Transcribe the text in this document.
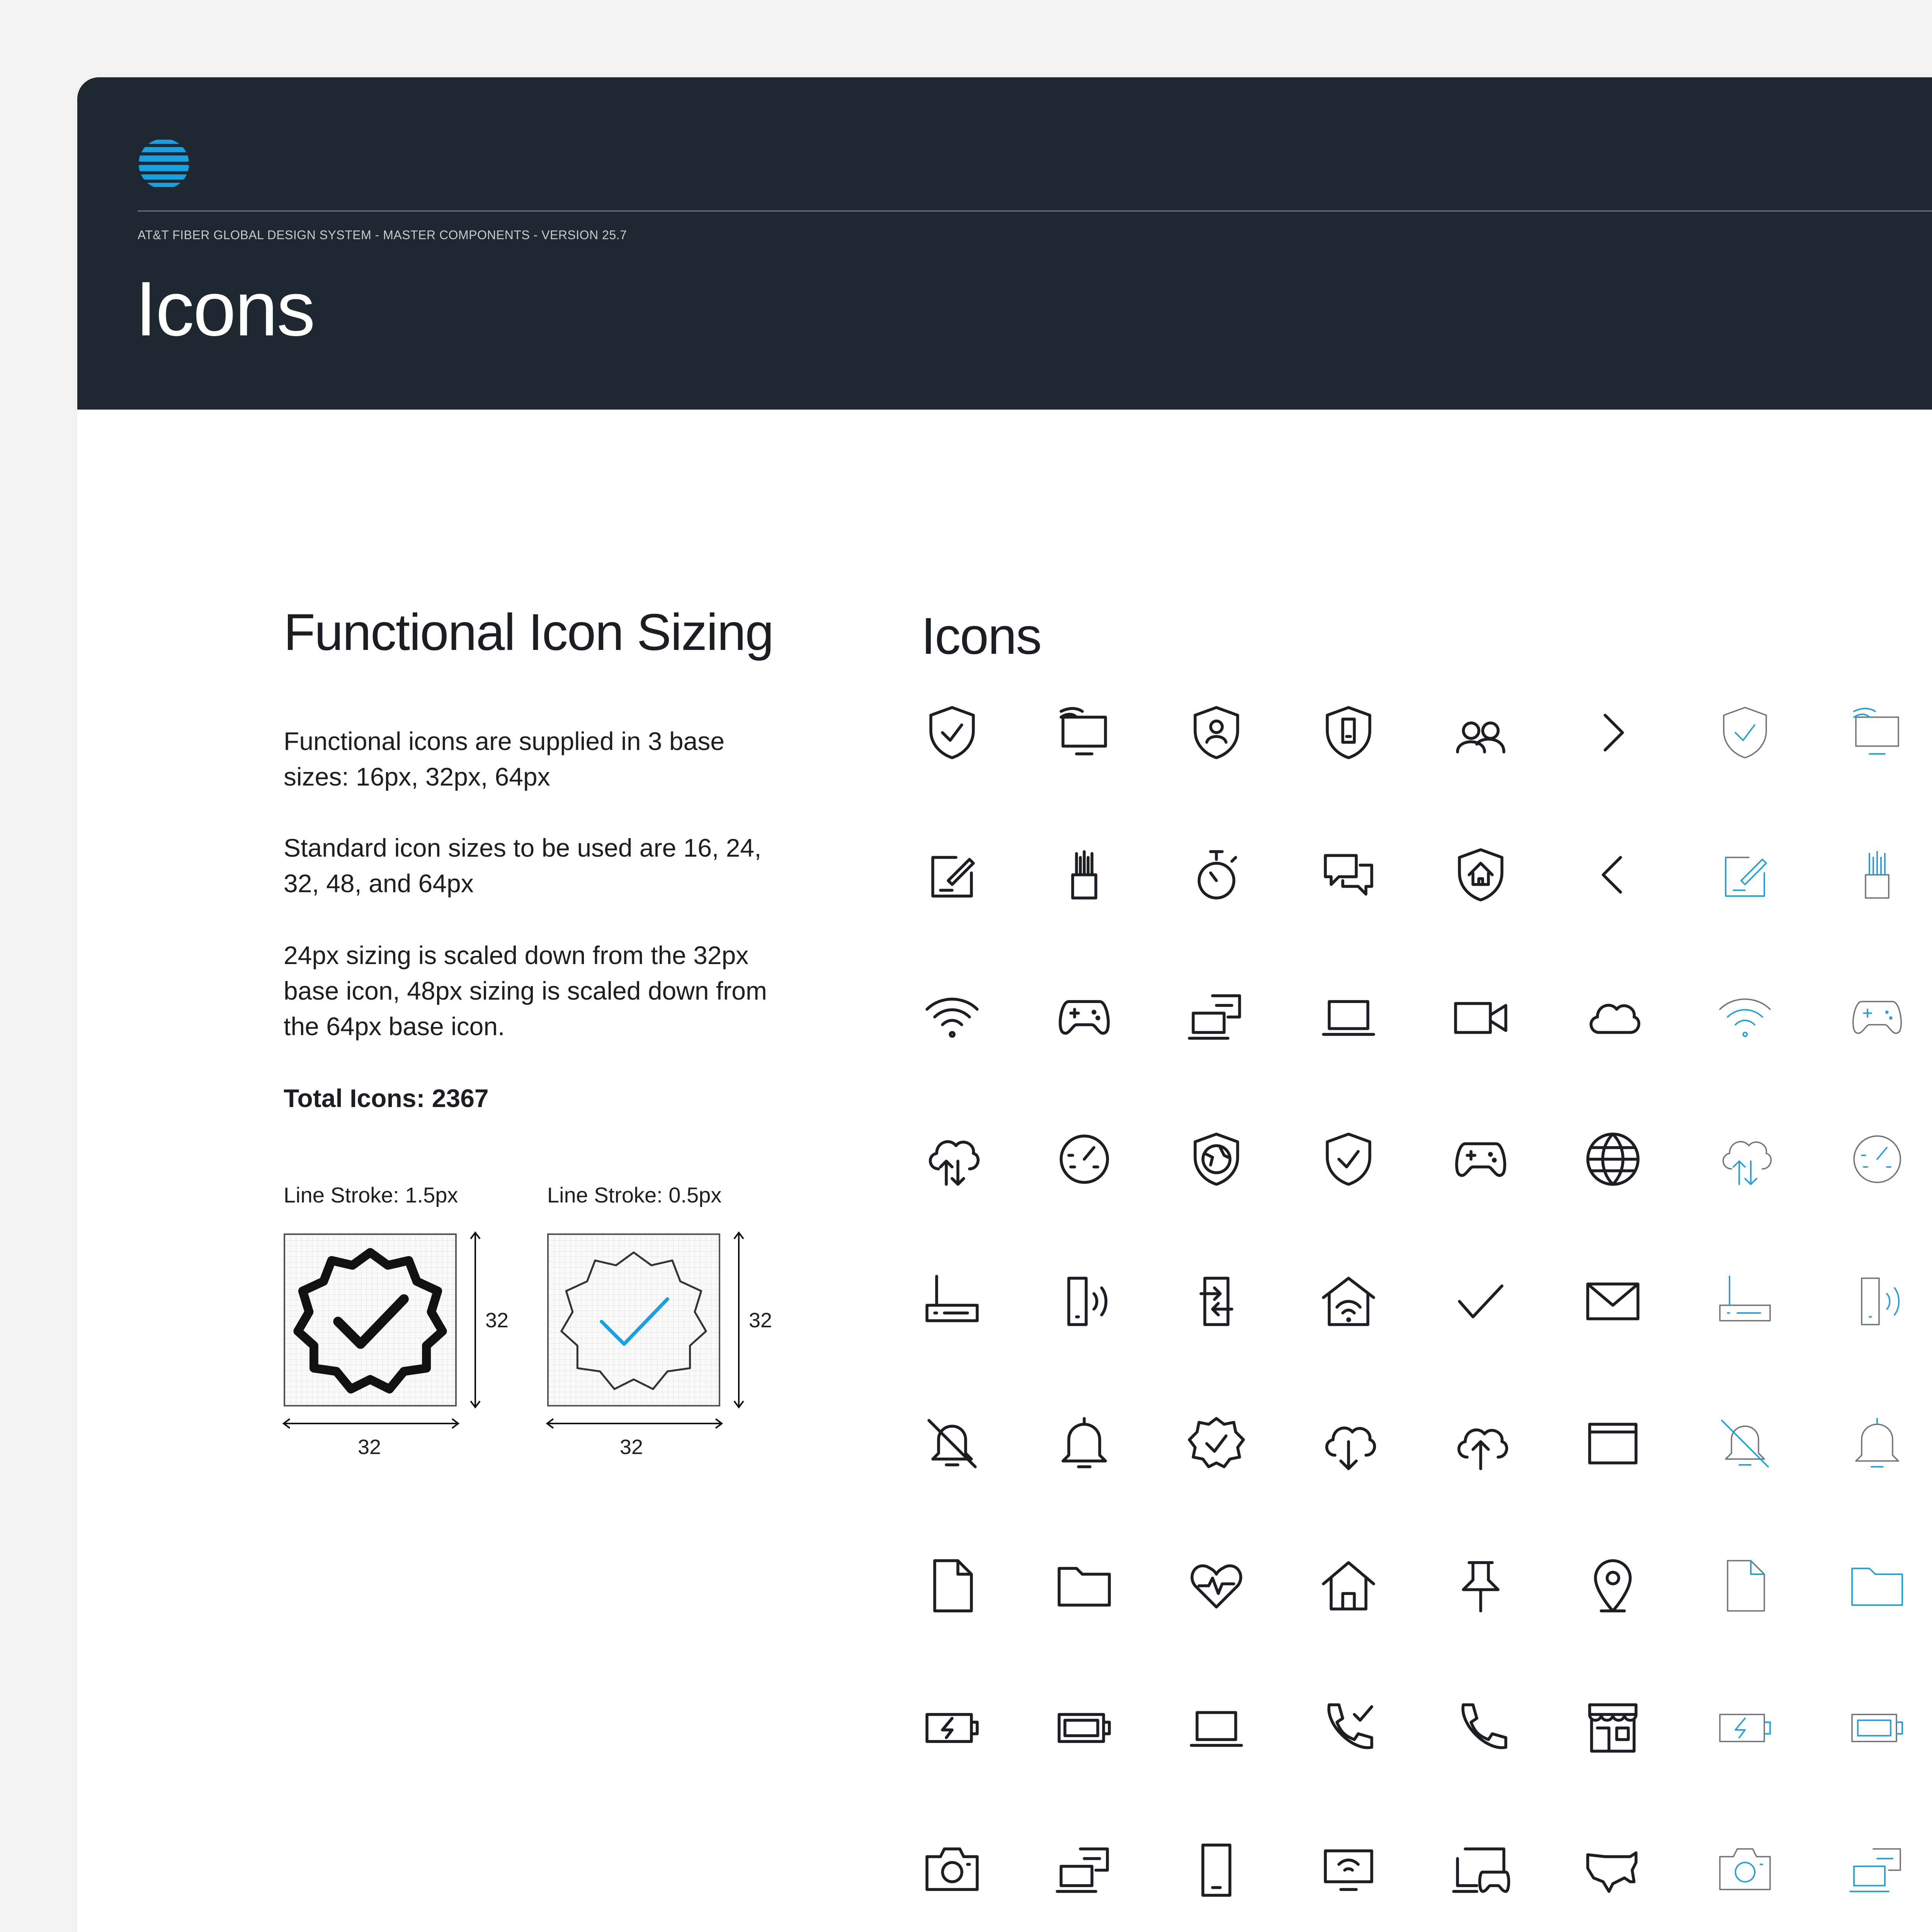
AT&T FIBER GLOBAL DESIGN SYSTEM - MASTER COMPONENTS - VERSION 25.7
Icons
Functional Icon Sizing
Functional icons are supplied in 3 base sizes: 16px, 32px, 64px
Standard icon sizes to be used are 16, 24, 32, 48, and 64px
24px sizing is scaled down from the 32px base icon, 48px sizing is scaled down from the 64px base icon.
Total Icons: 2367
Line Stroke: 1.5px	Line Stroke: 0.5px
32
32
32
32
Icons
